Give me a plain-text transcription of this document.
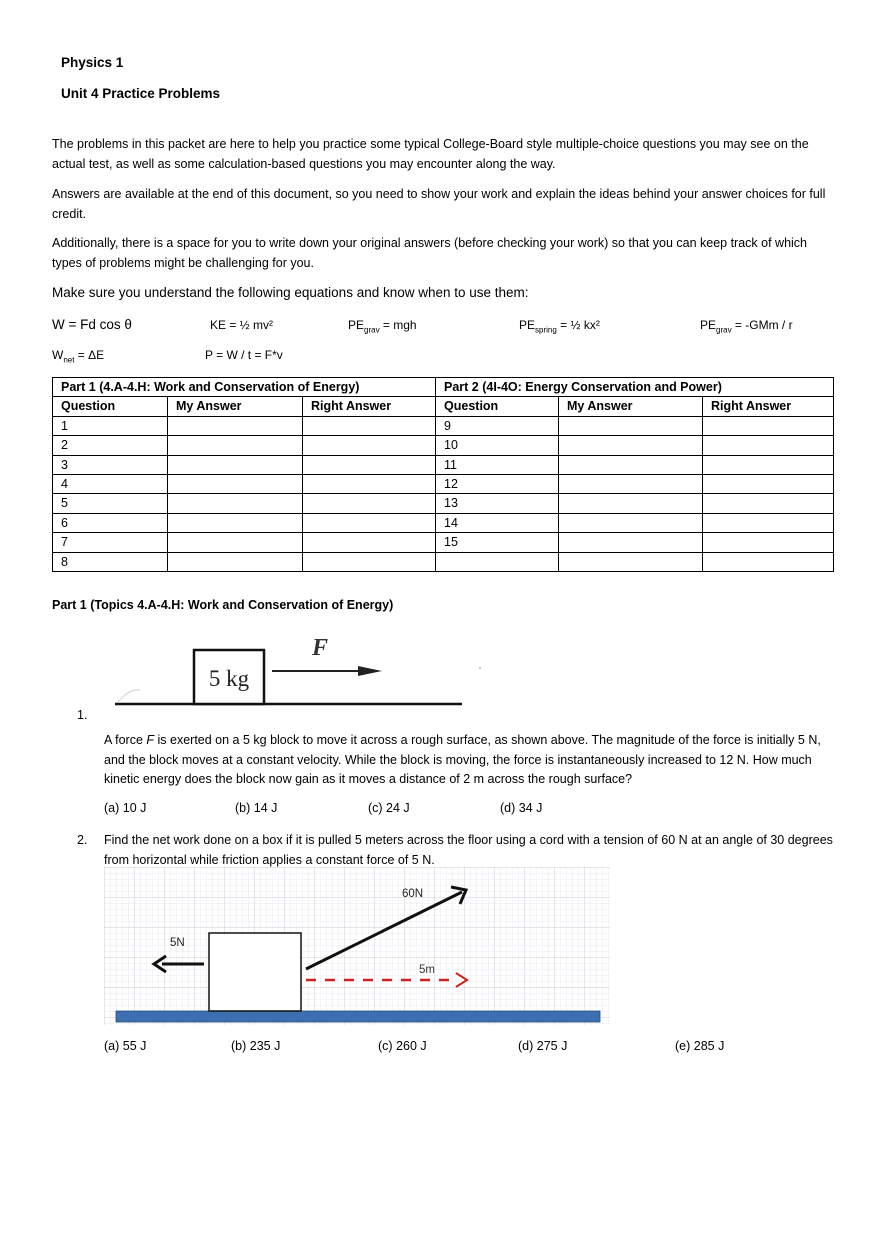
Physics 1
Unit 4 Practice Problems
The problems in this packet are here to help you practice some typical College-Board style multiple-choice questions you may see on the actual test, as well as some calculation-based questions you may encounter along the way.
Answers are available at the end of this document, so you need to show your work and explain the ideas behind your answer choices for full credit.
Additionally, there is a space for you to write down your original answers (before checking your work) so that you can keep track of which types of problems might be challenging for you.
Make sure you understand the following equations and know when to use them:
W = Fd cos θ	KE = ½ mv²	$PE_{grav}$ = mgh	$PE_{spring}$ = ½ kx²	$PE_{grav} = -GMm / r$
$W_{net} = \Delta E$	P = W / t = F*v
Part 1 (4.A-4.H: Work and Conservation of Energy)			Part 2 (4I-4O: Energy Conservation and Power)		
Question	My Answer	Right Answer	Question	My Answer	Right Answer
1			9		
2			10		
3			11		
4			12		
5			13		
6			14		
7			15		
8					
Part 1 (Topics 4.A-4.H: Work and Conservation of Energy)
5 kg
F
1.
A force F is exerted on a 5 kg block to move it across a rough surface, as shown above. The magnitude of the force is initially 5 N, and the block moves at a constant velocity. While the block is moving, the force is instantaneously increased to 12 N. How much kinetic energy does the block now gain as it moves a distance of 2 m across the rough surface?
(a) 10 J	(b) 14 J	(c) 24 J	(d) 34 J
2. Find the net work done on a box if it is pulled 5 meters across the floor using a cord with a tension of 60 N at an angle of 30 degrees from horizontal while friction applies a constant force of 5 N.
5N
60N
5m
(a) 55 J	(b) 235 J	(c) 260 J	(d) 275 J	(e) 285 J
